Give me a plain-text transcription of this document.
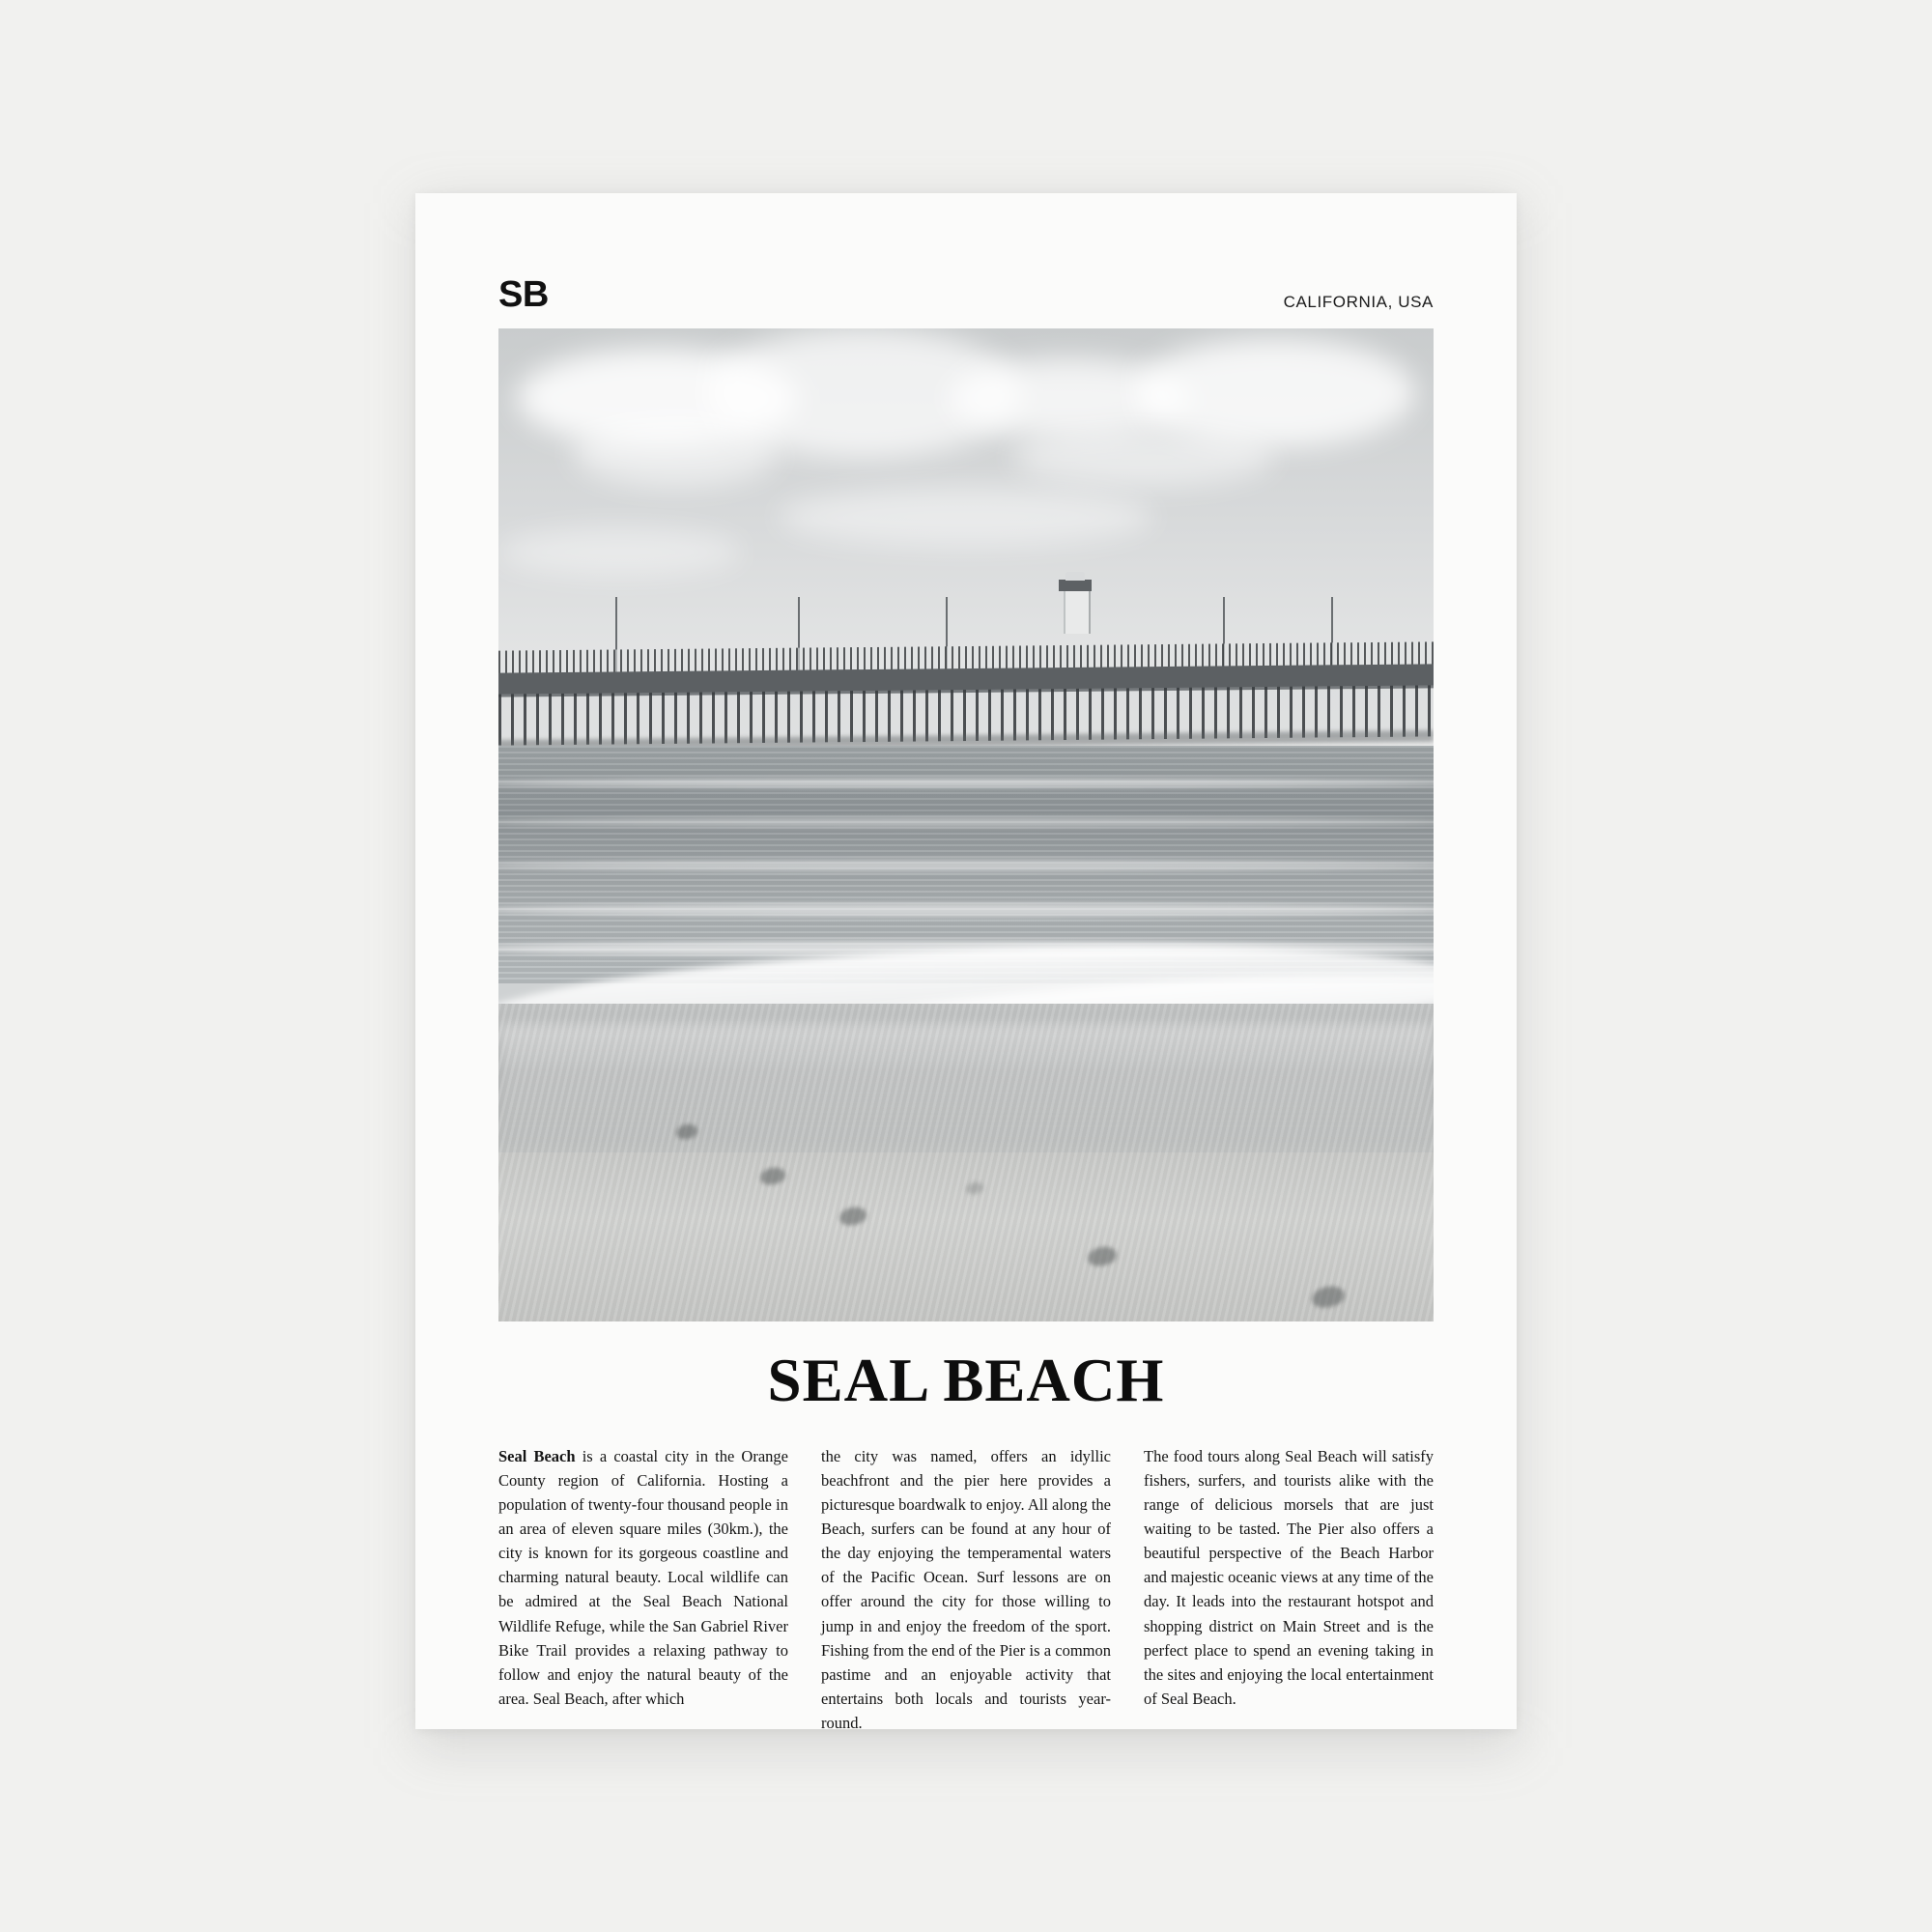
SB	CALIFORNIA, USA
SEAL BEACH
Seal Beach is a coastal city in the Orange County region of California. Hosting a population of twenty-four thousand people in an area of eleven square miles (30km.), the city is known for its gorgeous coastline and charming natural beauty. Local wildlife can be admired at the Seal Beach National Wildlife Refuge, while the San Gabriel River Bike Trail provides a relaxing pathway to follow and enjoy the natural beauty of the area. Seal Beach, after which
the city was named, offers an idyllic beachfront and the pier here provides a picturesque boardwalk to enjoy. All along the Beach, surfers can be found at any hour of the day enjoying the temperamental waters of the Pacific Ocean. Surf lessons are on offer around the city for those willing to jump in and enjoy the freedom of the sport. Fishing from the end of the Pier is a common pastime and an enjoyable activity that entertains both locals and tourists year-round.
The food tours along Seal Beach will satisfy fishers, surfers, and tourists alike with the range of delicious morsels that are just waiting to be tasted. The Pier also offers a beautiful perspective of the Beach Harbor and majestic oceanic views at any time of the day. It leads into the restaurant hotspot and shopping district on Main Street and is the perfect place to spend an evening taking in the sites and enjoying the local entertainment of Seal Beach.
